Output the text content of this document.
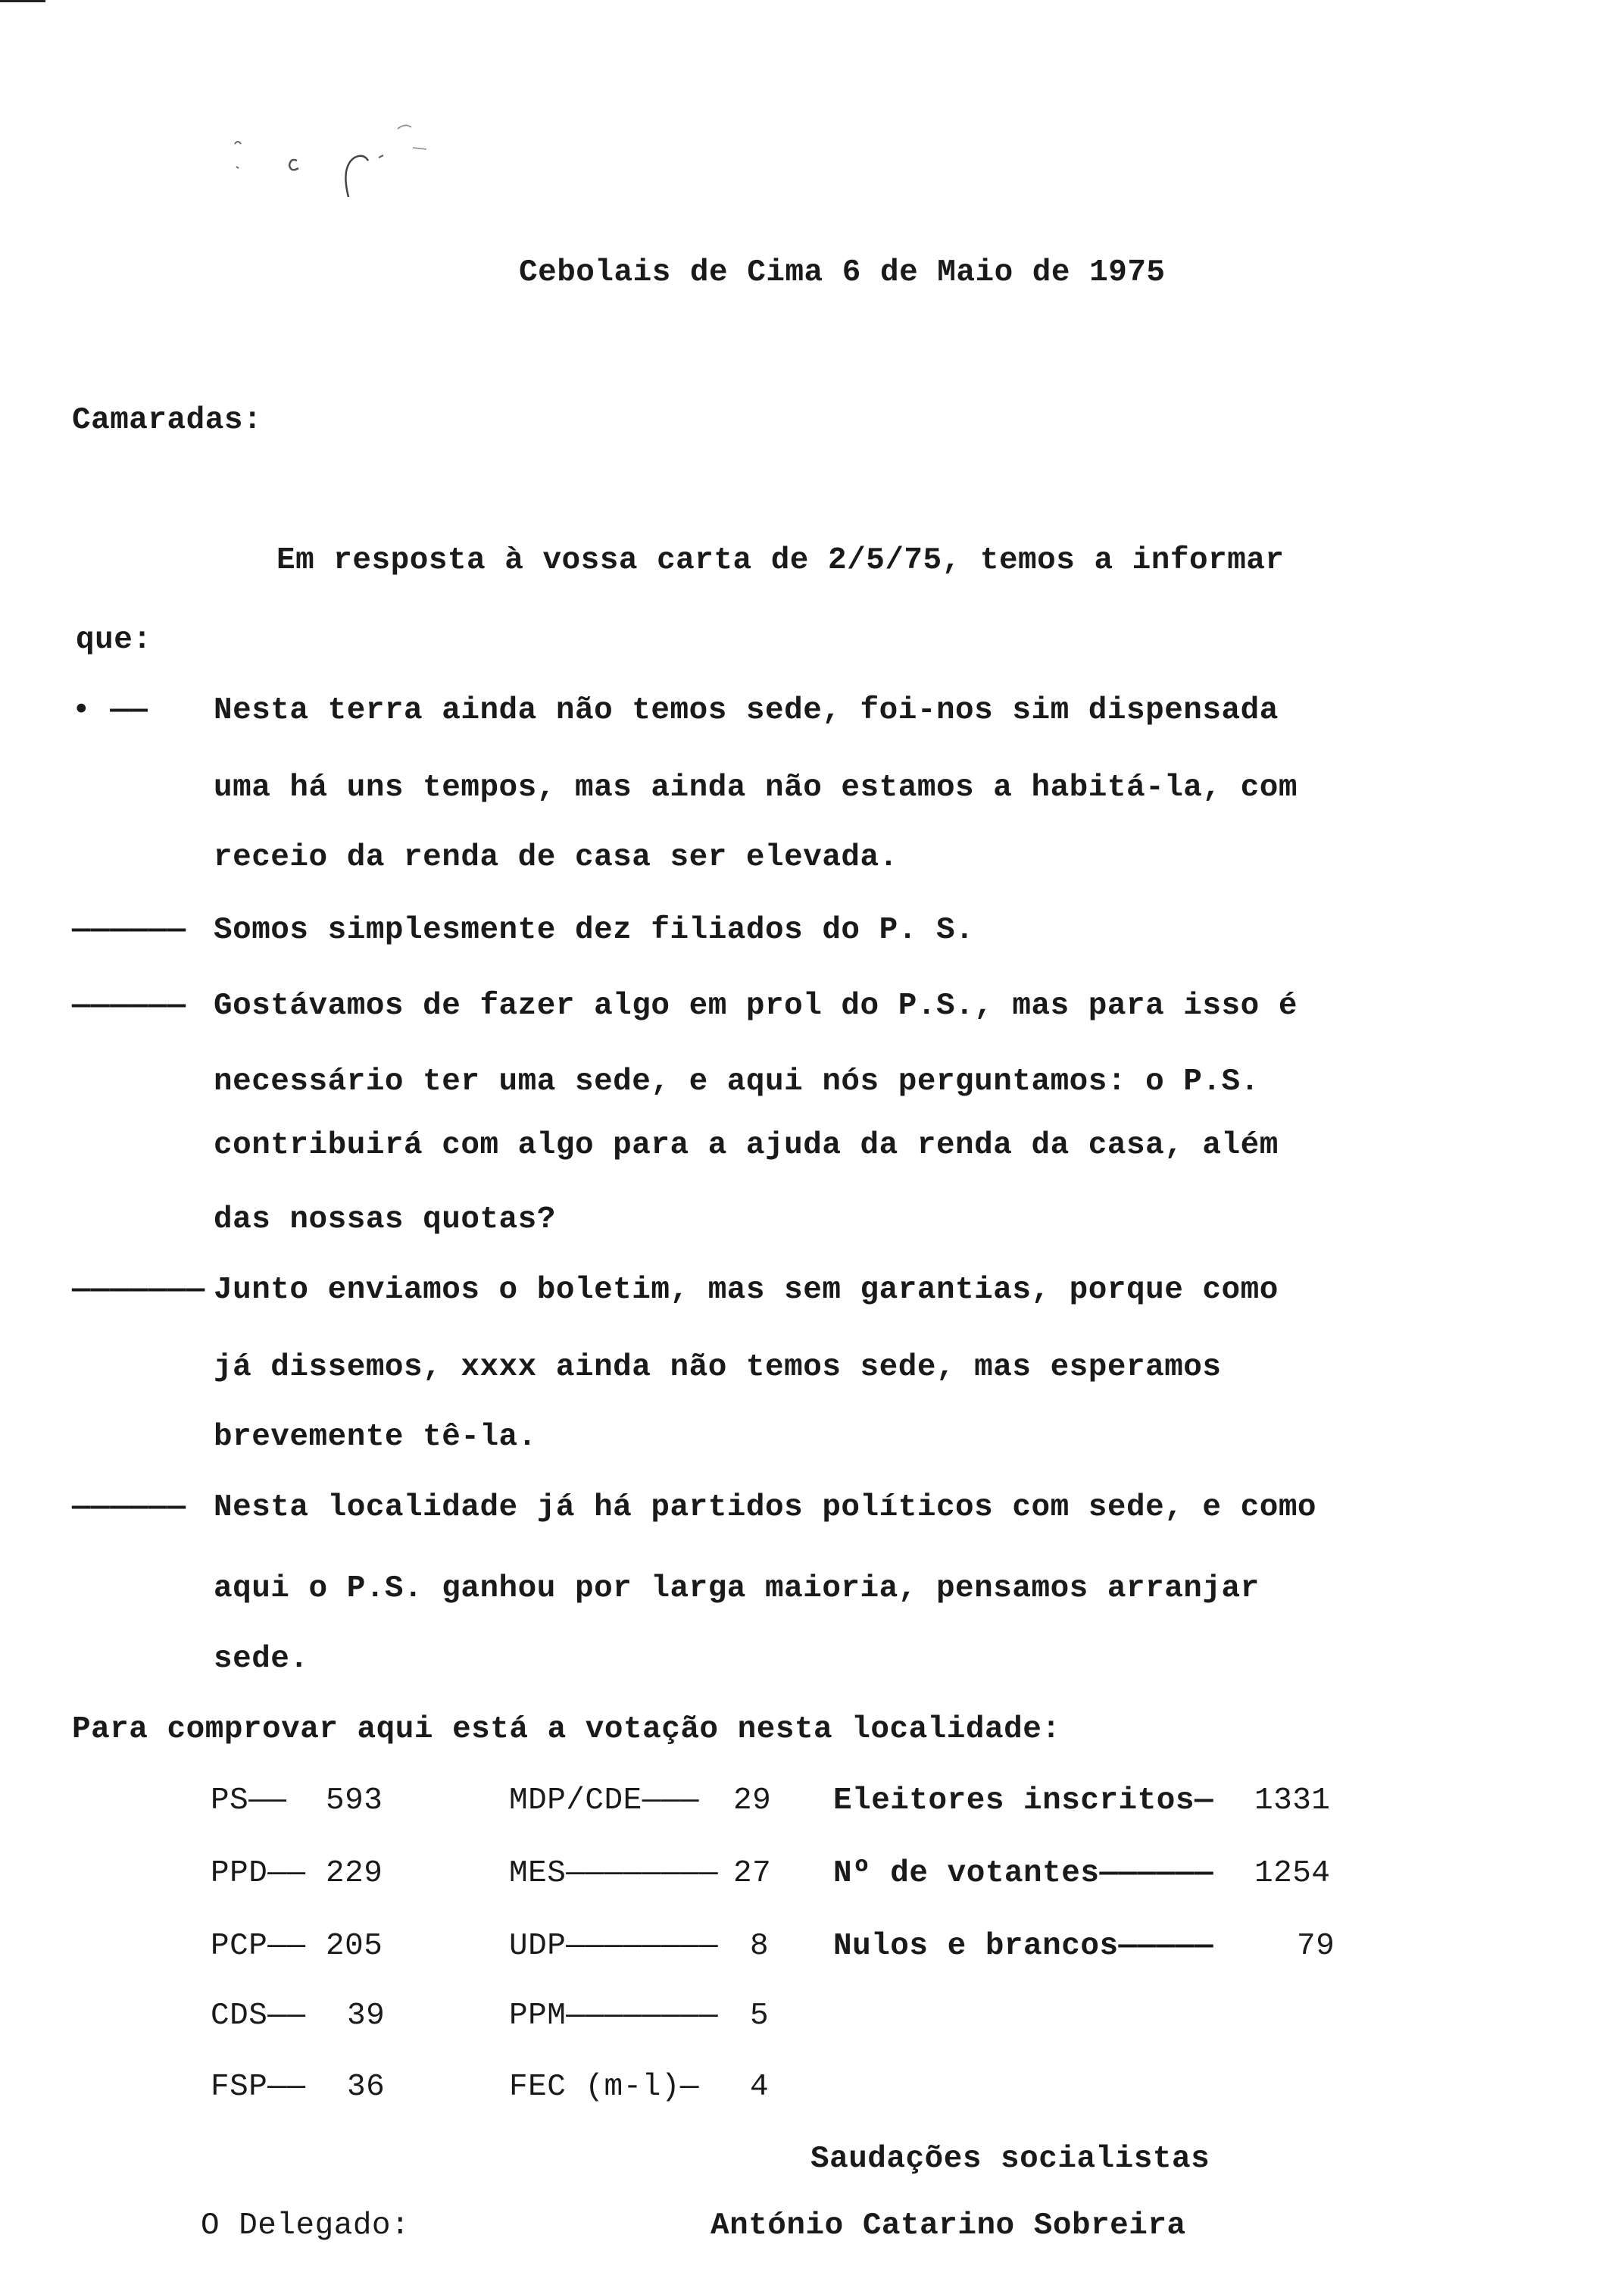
Cebolais de Cima 6 de Maio de 1975
Camaradas:
Em resposta à vossa carta de 2/5/75, temos a informar
que:
• —— Nesta terra ainda não temos sede, foi-nos sim dispensada
uma há uns tempos, mas ainda não estamos a habitá-la, com
receio da renda de casa ser elevada.
—————— Somos simplesmente dez filiados do P. S.
—————— Gostávamos de fazer algo em prol do P.S., mas para isso é
necessário ter uma sede, e aqui nós perguntamos: o P.S.
contribuirá com algo para a ajuda da renda da casa, além
das nossas quotas?
——————— Junto enviamos o boletim, mas sem garantias, porque como
já dissemos, xxxx ainda não temos sede, mas esperamos
brevemente tê-la.
—————— Nesta localidade já há partidos políticos com sede, e como
aqui o P.S. ganhou por larga maioria, pensamos arranjar
sede.
Para comprovar aqui está a votação nesta localidade:
PS—— 593
PPD—— 229
PCP—— 205
CDS—— 39
FSP—— 36
MDP/CDE——— 29
MES———————— 27
UDP———————— 8
PPM———————— 5
FEC (m-l)— 4
Eleitores inscritos— 1331
Nº de votantes—————— 1254
Nulos e brancos—————	79
Saudações socialistas
O Delegado:	António Catarino Sobreira
